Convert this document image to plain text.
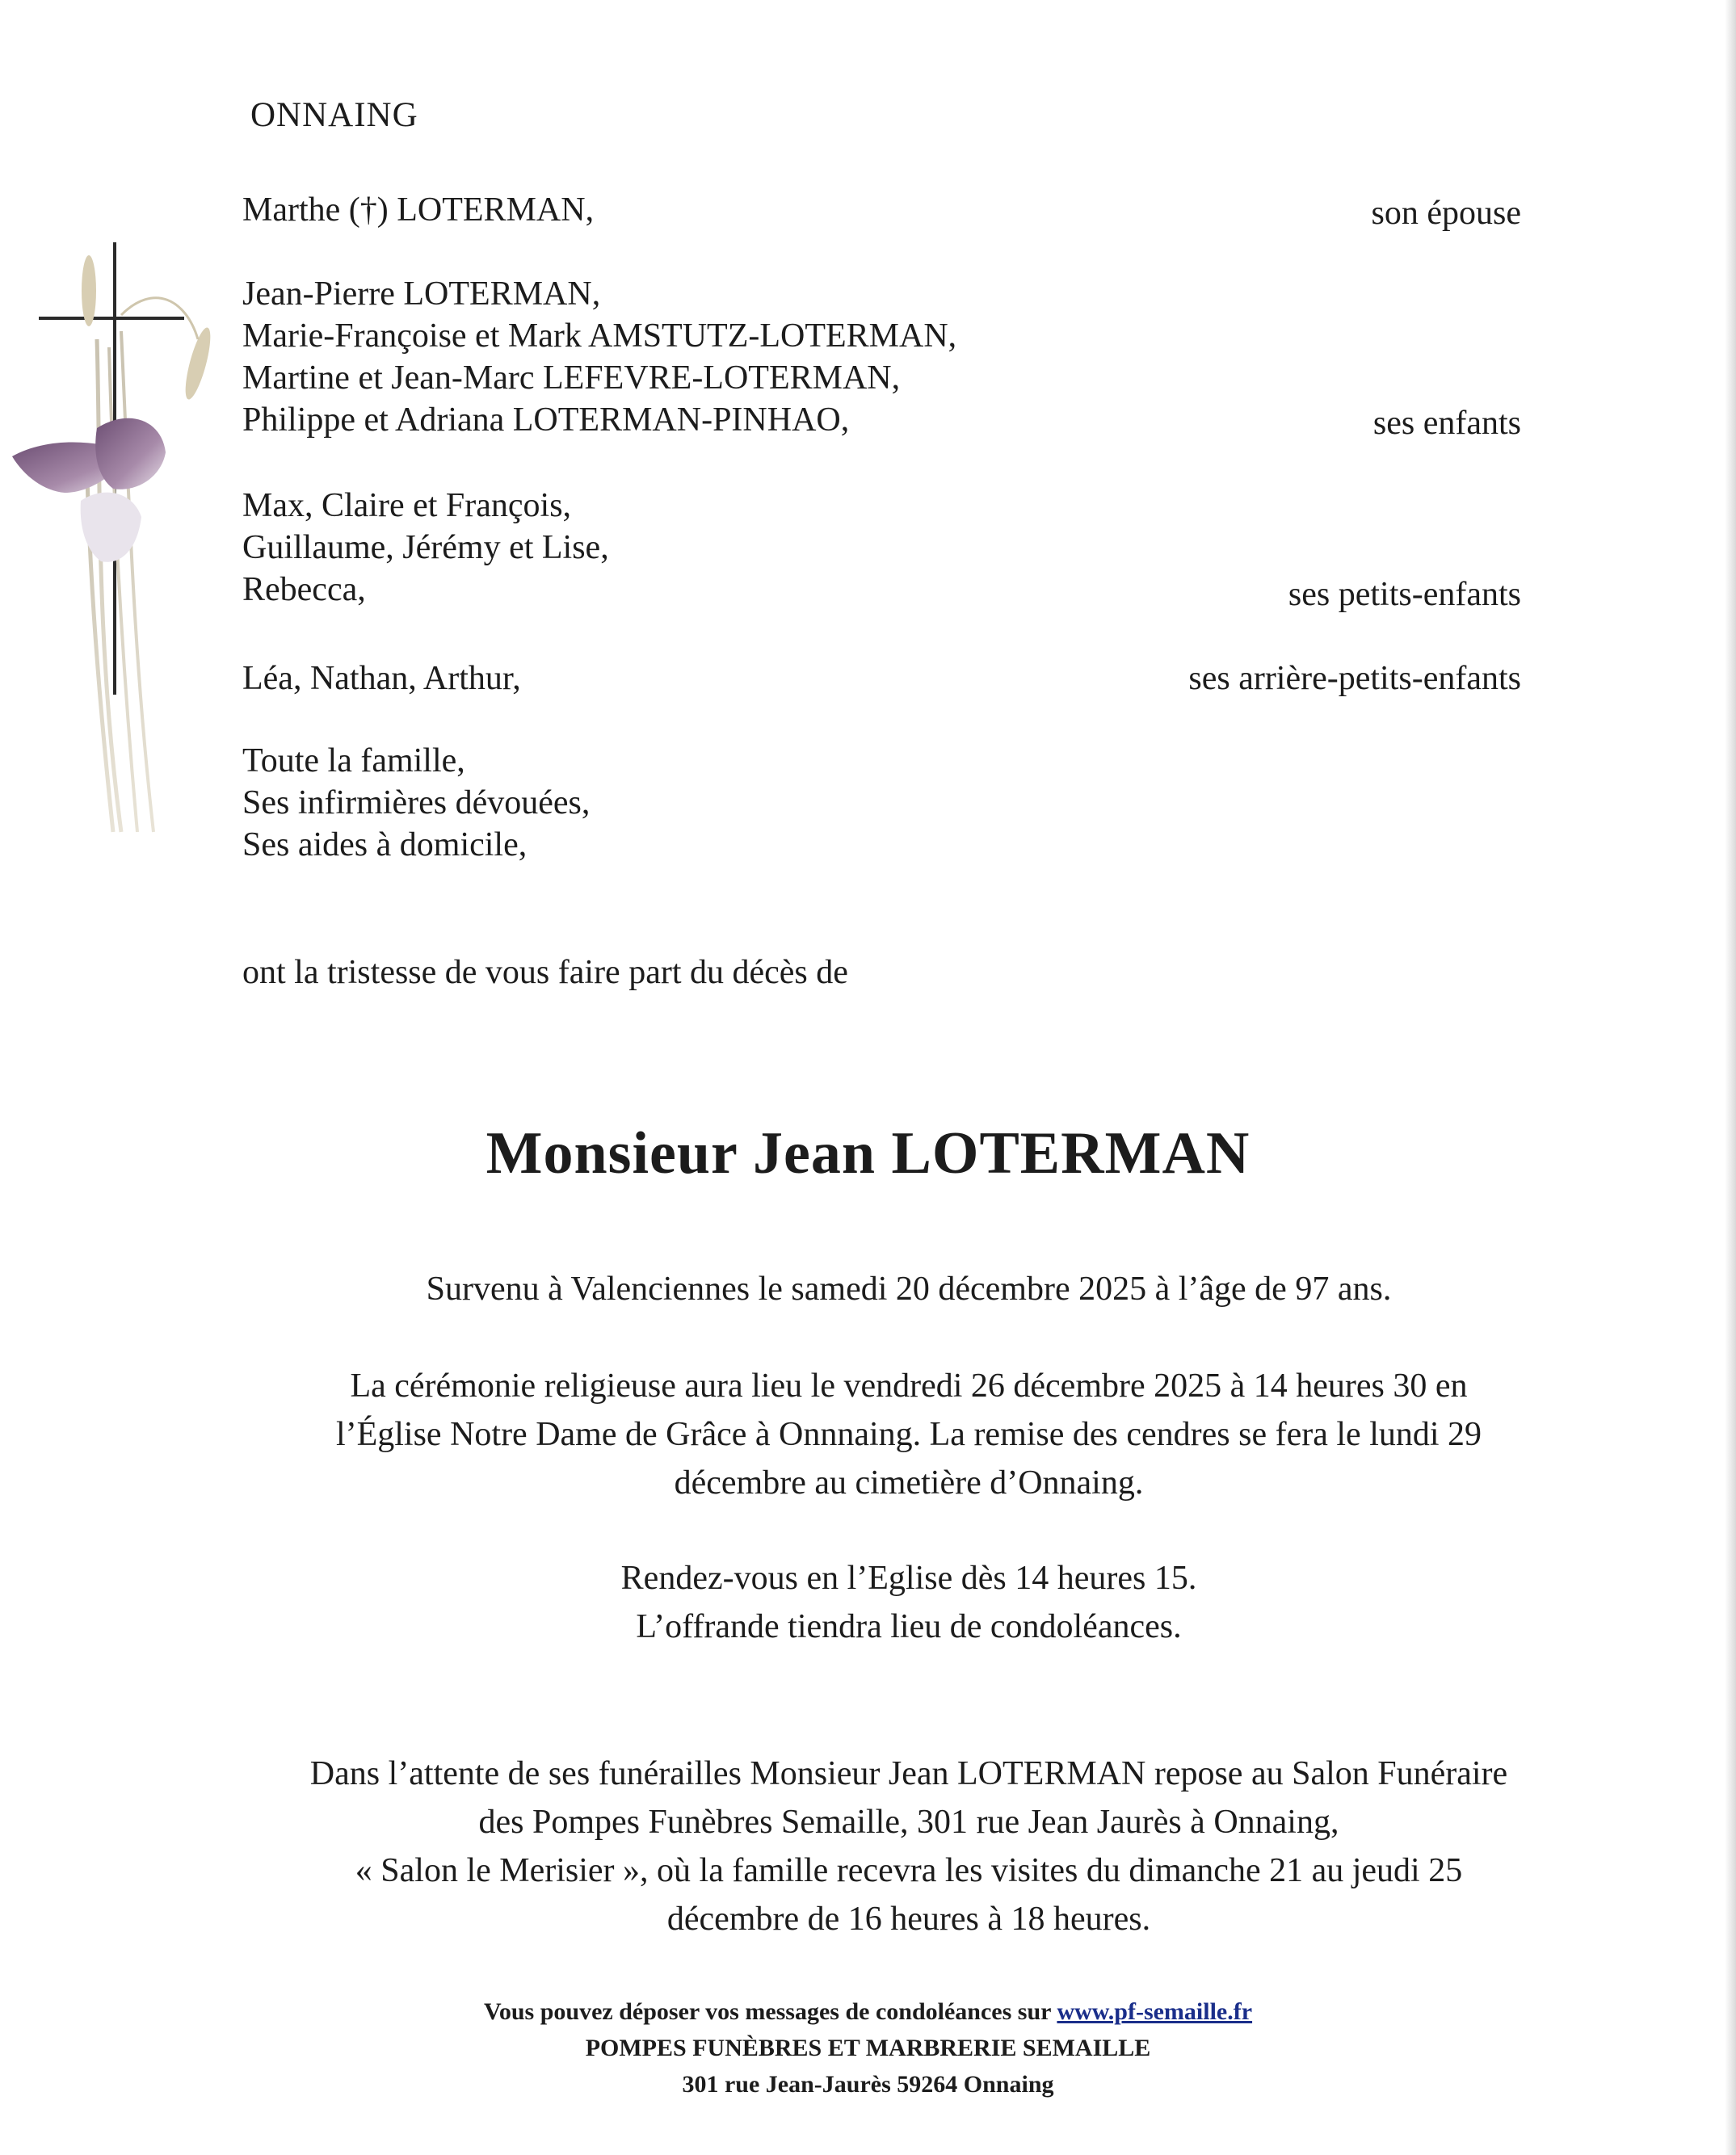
ONNAING
Marthe (†) LOTERMAN,	son épouse
Jean-Pierre LOTERMAN,
Marie-Françoise et Mark AMSTUTZ-LOTERMAN,
Martine et Jean-Marc LEFEVRE-LOTERMAN,
Philippe et Adriana LOTERMAN-PINHAO,	ses enfants
Max, Claire et François,
Guillaume, Jérémy et Lise,
Rebecca,	ses petits-enfants
Léa, Nathan, Arthur,	ses arrière-petits-enfants
Toute la famille,
Ses infirmières dévouées,
Ses aides à domicile,
ont la tristesse de vous faire part du décès de
Monsieur Jean LOTERMAN
Survenu à Valenciennes le samedi 20 décembre 2025 à l’âge de 97 ans.
La cérémonie religieuse aura lieu le vendredi 26 décembre 2025 à 14 heures 30 en
l’Église Notre Dame de Grâce à Onnnaing. La remise des cendres se fera le lundi 29
décembre au cimetière d’Onnaing.
Rendez-vous en l’Eglise dès 14 heures 15.
L’offrande tiendra lieu de condoléances.
Dans l’attente de ses funérailles Monsieur Jean LOTERMAN repose au Salon Funéraire
des Pompes Funèbres Semaille, 301 rue Jean Jaurès à Onnaing,
« Salon le Merisier », où la famille recevra les visites du dimanche 21 au jeudi 25
décembre de 16 heures à 18 heures.
Vous pouvez déposer vos messages de condoléances sur www.pf-semaille.fr
POMPES FUNÈBRES ET MARBRERIE SEMAILLE
301 rue Jean-Jaurès 59264 Onnaing
